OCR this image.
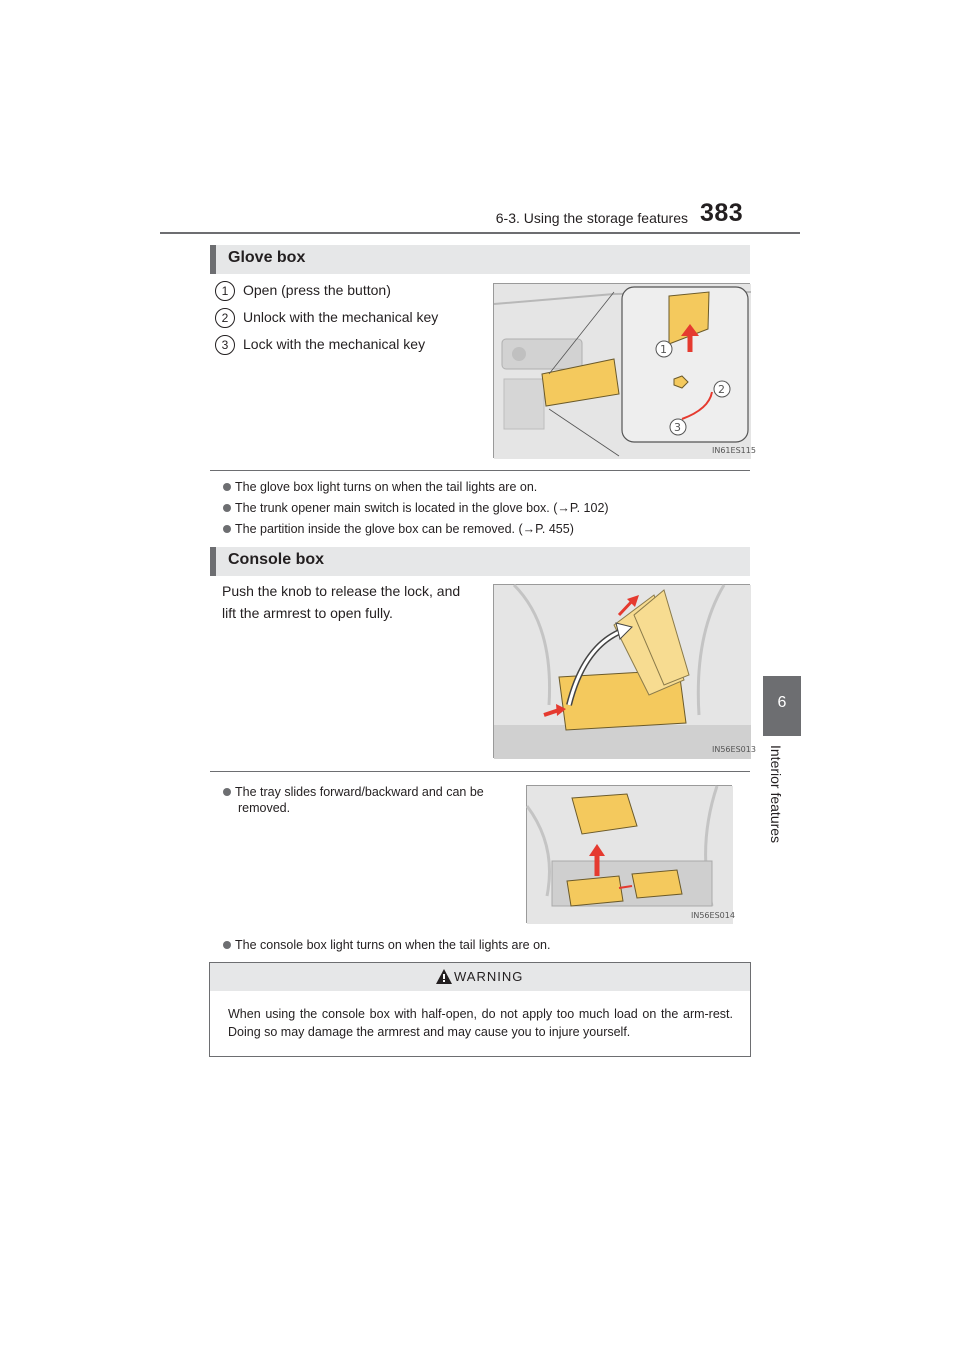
6-3. Using the storage features 383
6
Interior features
Glove box
1	Open (press the button)
2	Unlock with the mechanical key
3	Lock with the mechanical key	1
2
3
IN61ES115
The glove box light turns on when the tail lights are on.
The trunk opener main switch is located in the glove box. (→P. 102)
The partition inside the glove box can be removed. (→P. 455)
Console box
Push the knob to release the lock, and
lift the armrest to open fully.
IN56ES013
The tray slides forward/backward and can be
removed.
IN56ES014
The console box light turns on when the tail lights are on.
WARNING
When using the console box with half-open, do not apply too much load on the arm-rest. Doing so may damage the armrest and may cause you to injure yourself.
